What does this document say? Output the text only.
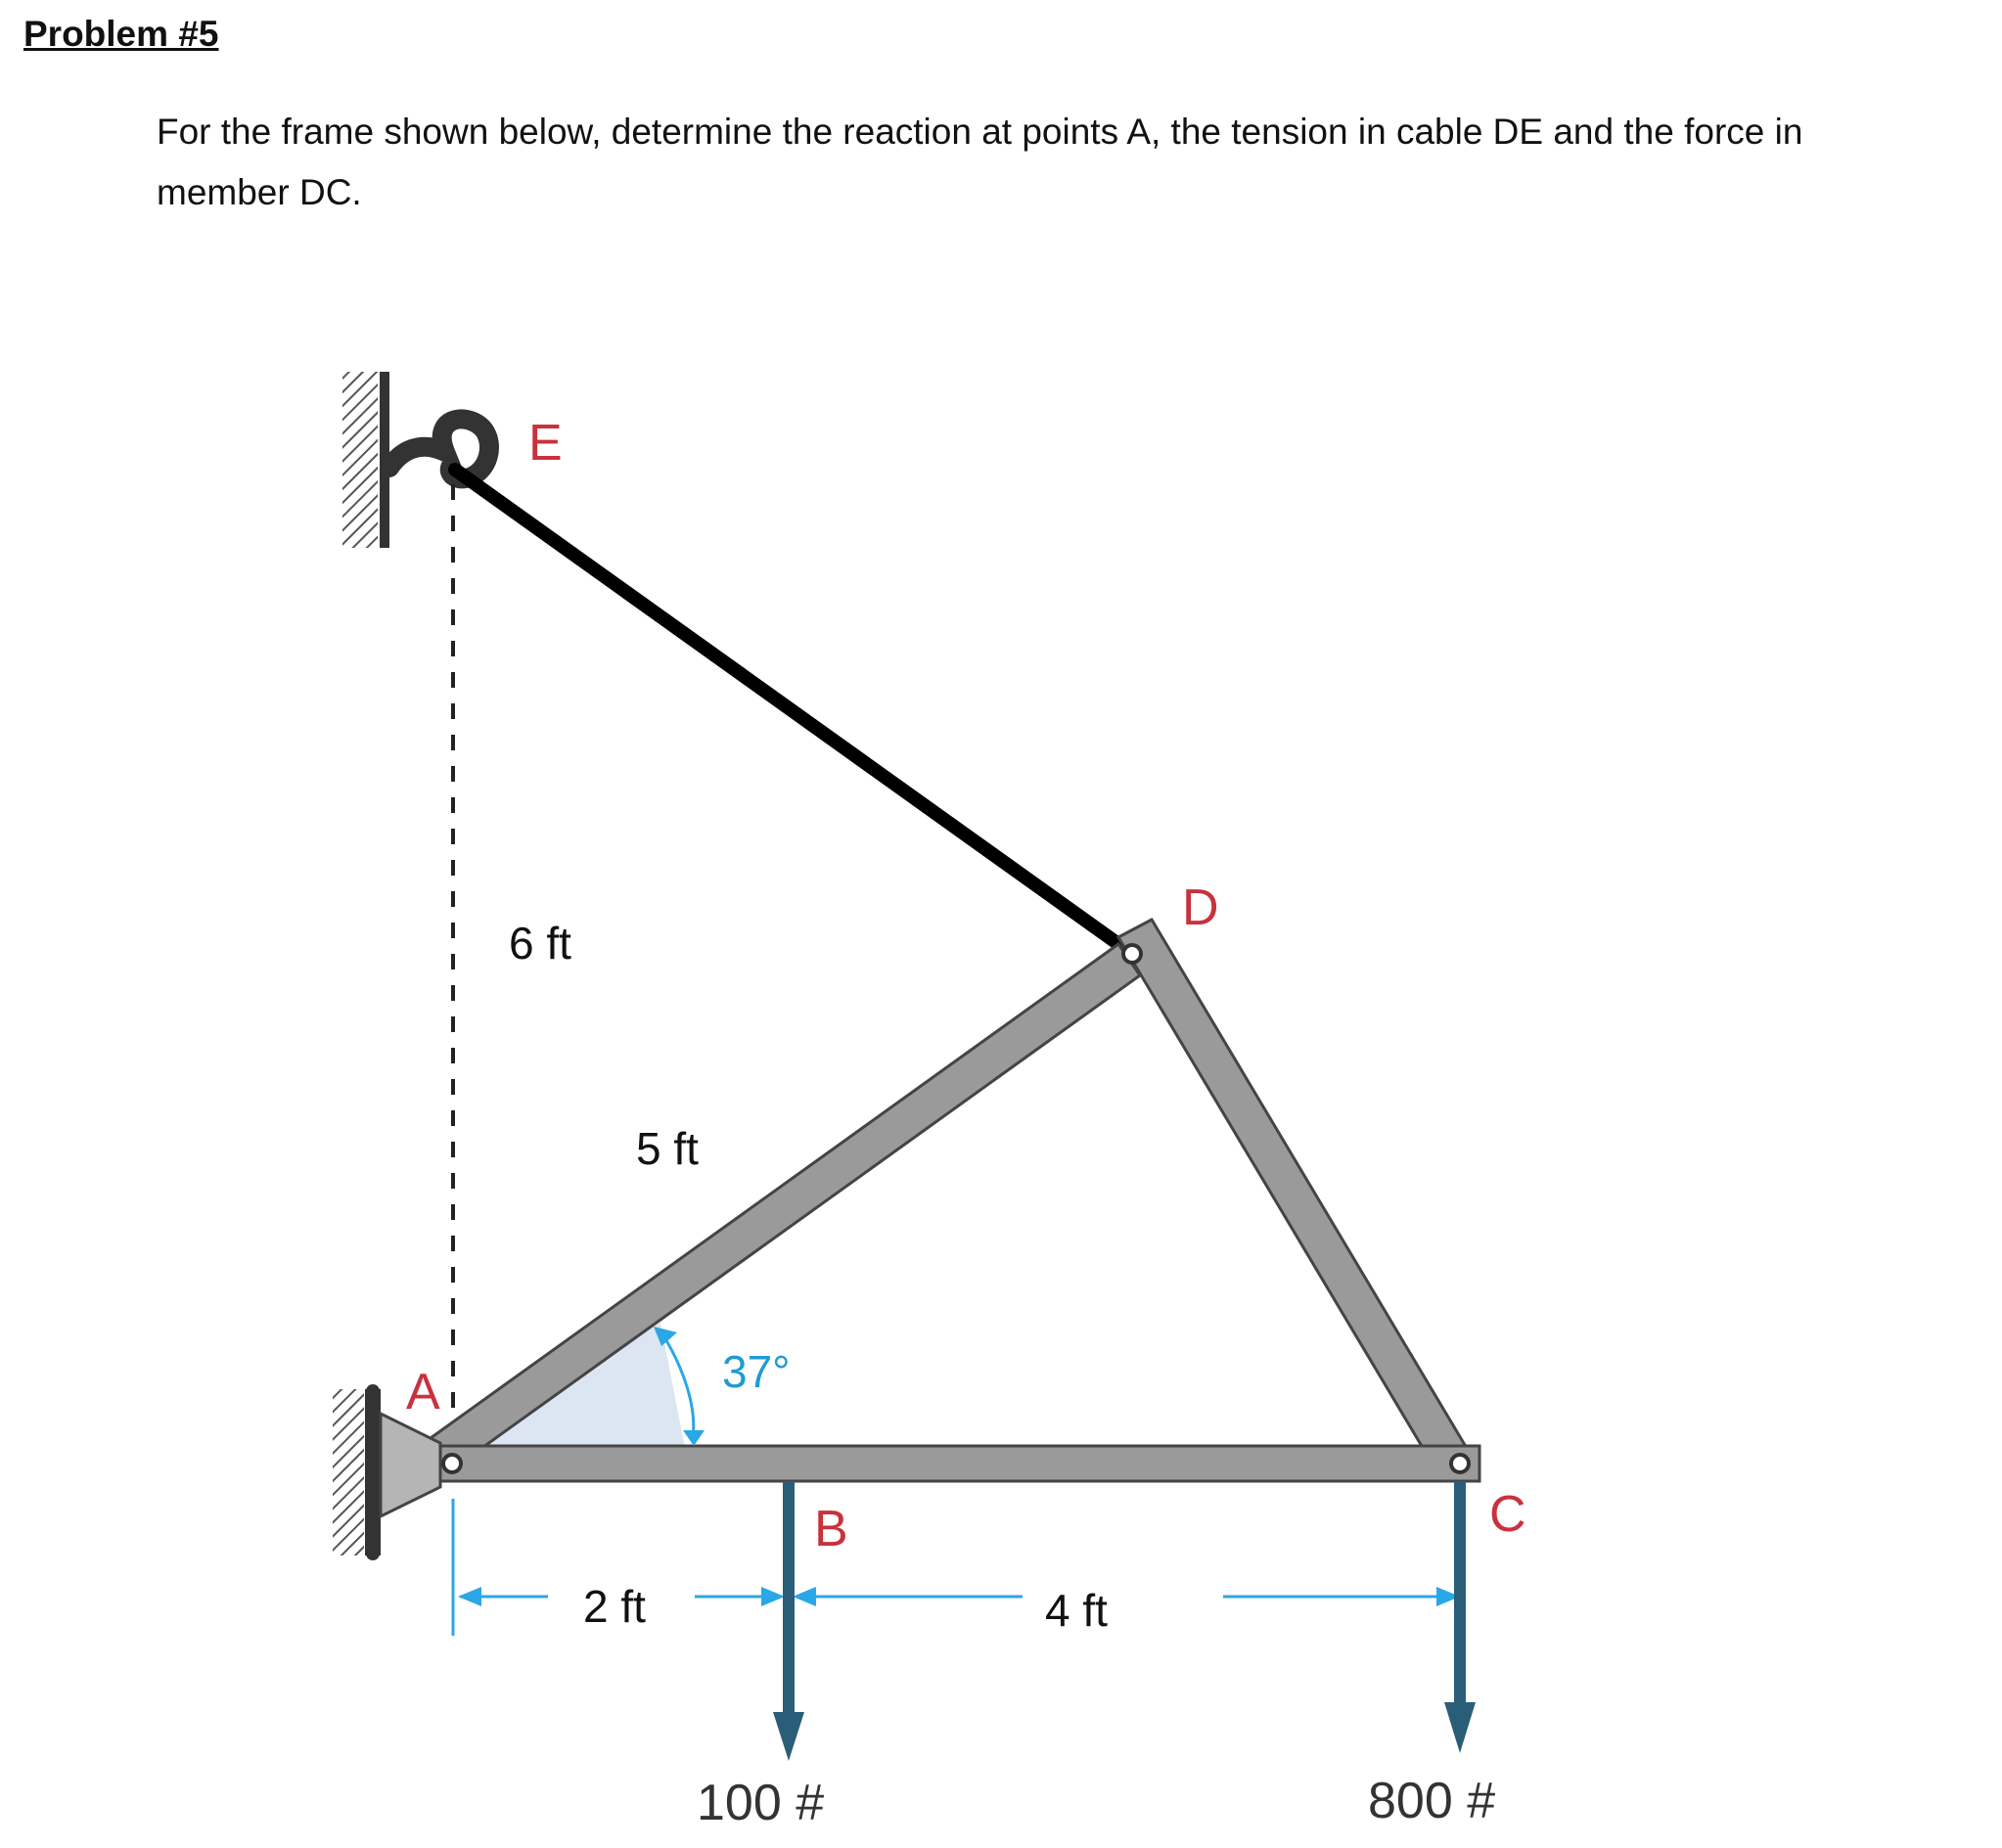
Problem #5

For the frame shown below, determine the reaction at points A, the tension in cable DE and the force in member DC.

E
D
A
B	C
6 ft
5 ft
2 ft	4 ft
37°
100 #	800 #
